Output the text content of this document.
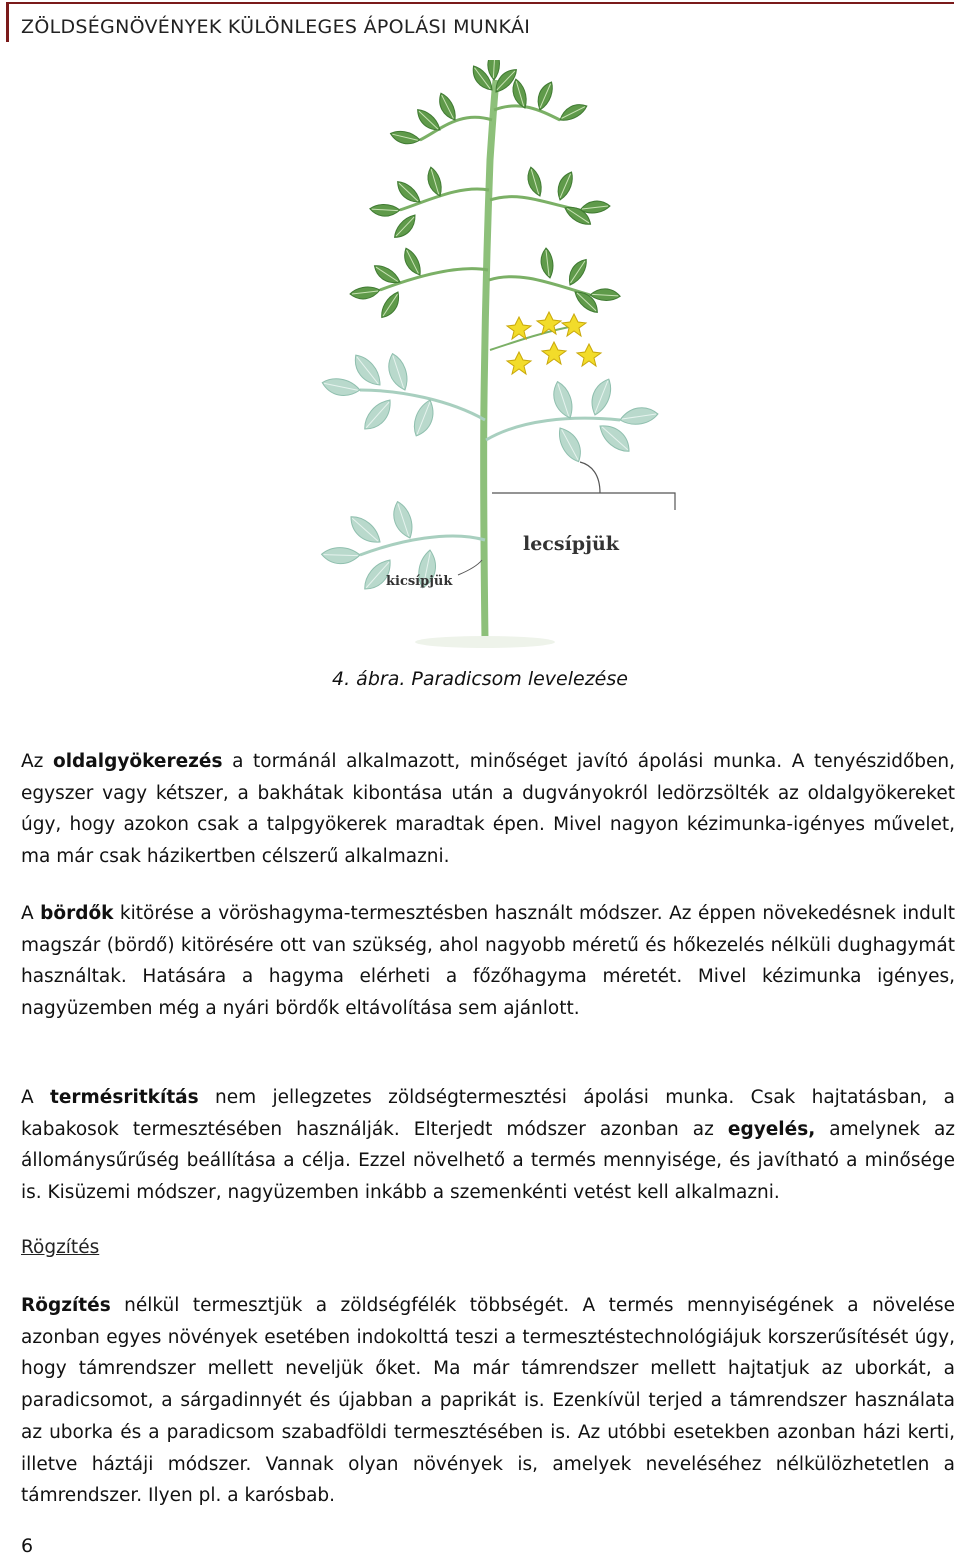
ZÖLDSÉGNÖVÉNYEK KÜLÖNLEGES ÁPOLÁSI MUNKÁI
lecsípjük
kicsípjük
4. ábra. Paradicsom levelezése

Az oldalgyökerezés a tormánál alkalmazott, minőséget javító ápolási munka. A tenyészidőben, egyszer vagy kétszer, a bakhátak kibontása után a dugványokról ledörzsölték az oldalgyökereket úgy, hogy azokon csak a talpgyökerek maradtak épen. Mivel nagyon kézimunka-igényes művelet, ma már csak házikertben célszerű alkalmazni.

A bördők kitörése a vöröshagyma-termesztésben használt módszer. Az éppen növekedésnek indult magszár (bördő) kitörésére ott van szükség, ahol nagyobb méretű és hőkezelés nélküli dughagymát használtak. Hatására a hagyma elérheti a főzőhagyma méretét. Mivel kézimunka igényes, nagyüzemben még a nyári bördők eltávolítása sem ajánlott.

A termésritkítás nem jellegzetes zöldségtermesztési ápolási munka. Csak hajtatásban, a kabakosok termesztésében használják. Elterjedt módszer azonban az egyelés, amelynek az állománysűrűség beállítása a célja. Ezzel növelhető a termés mennyisége, és javítható a minősége is. Kisüzemi módszer, nagyüzemben inkább a szemenkénti vetést kell alkalmazni.

Rögzítés

Rögzítés nélkül termesztjük a zöldségfélék többségét. A termés mennyiségének a növelése azonban egyes növények esetében indokolttá teszi a termesztéstechnológiájuk korszerűsítését úgy, hogy támrendszer mellett neveljük őket. Ma már támrendszer mellett hajtatjuk az uborkát, a paradicsomot, a sárgadinnyét és újabban a paprikát is. Ezenkívül terjed a támrendszer használata az uborka és a paradicsom szabadföldi termesztésében is. Az utóbbi esetekben azonban házi kerti, illetve háztáji módszer. Vannak olyan növények is, amelyek neveléséhez nélkülözhetetlen a támrendszer. Ilyen pl. a karósbab.

6
